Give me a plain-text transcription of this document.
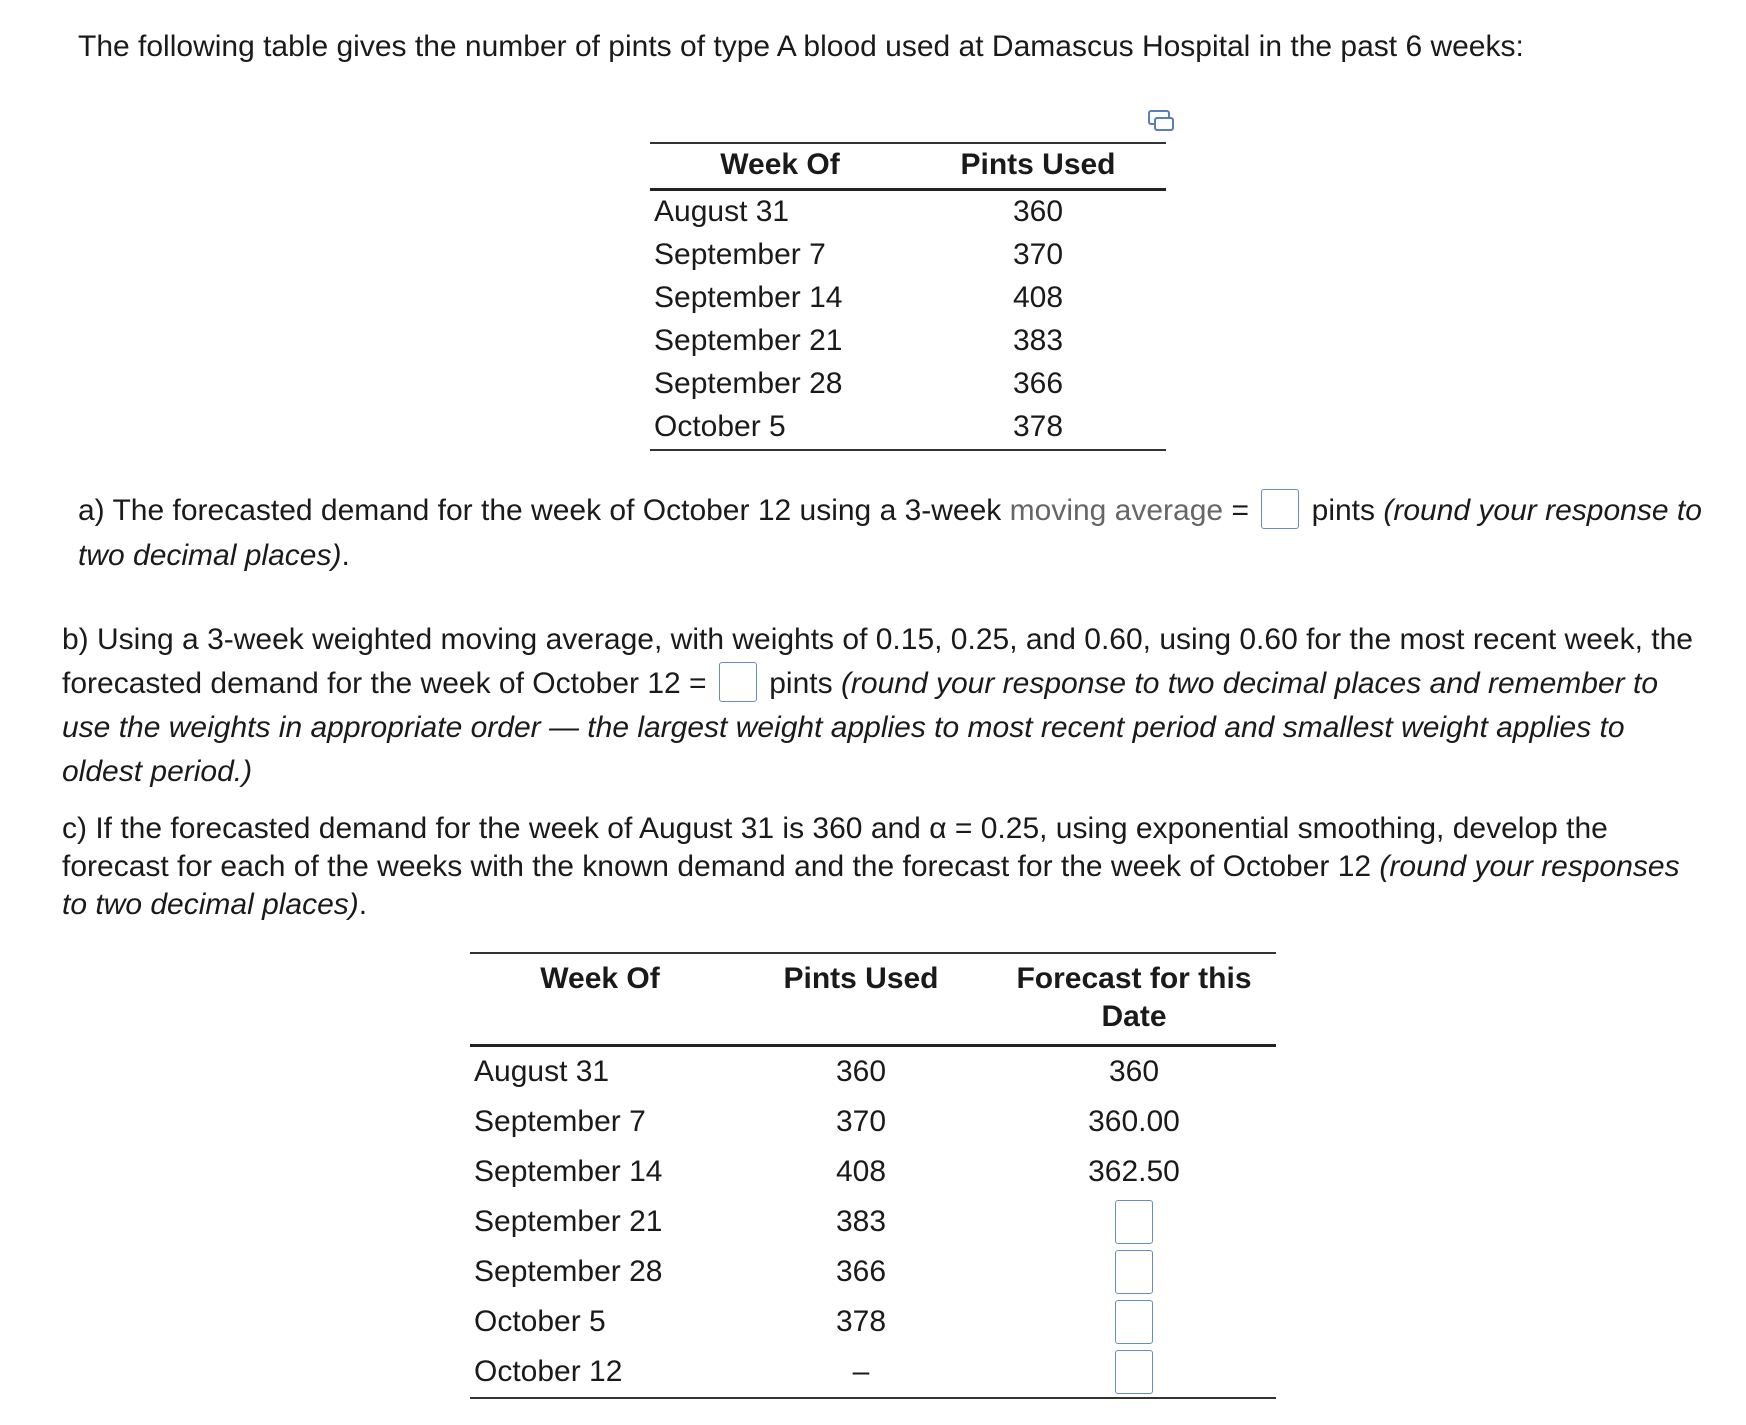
The following table gives the number of pints of type A blood used at Damascus Hospital in the past 6 weeks:
Week Of	Pints Used
August 31	360
September 7	370
September 14	408
September 21	383
September 28	366
October 5	378
a) The forecasted demand for the week of October 12 using a 3-week moving average =  pints (round your response to two decimal places).
b) Using a 3-week weighted moving average, with weights of 0.15, 0.25, and 0.60, using 0.60 for the most recent week, the forecasted demand for the week of October 12 =  pints (round your response to two decimal places and remember to use the weights in appropriate order — the largest weight applies to most recent period and smallest weight applies to oldest period.)
c) If the forecasted demand for the week of August 31 is 360 and α = 0.25, using exponential smoothing, develop the forecast for each of the weeks with the known demand and the forecast for the week of October 12 (round your responses to two decimal places).
Week Of	Pints Used	Forecast for this Date
August 31	360	360
September 7	370	360.00
September 14	408	362.50
September 21	383	
September 28	366	
October 5	378	
October 12	–	
